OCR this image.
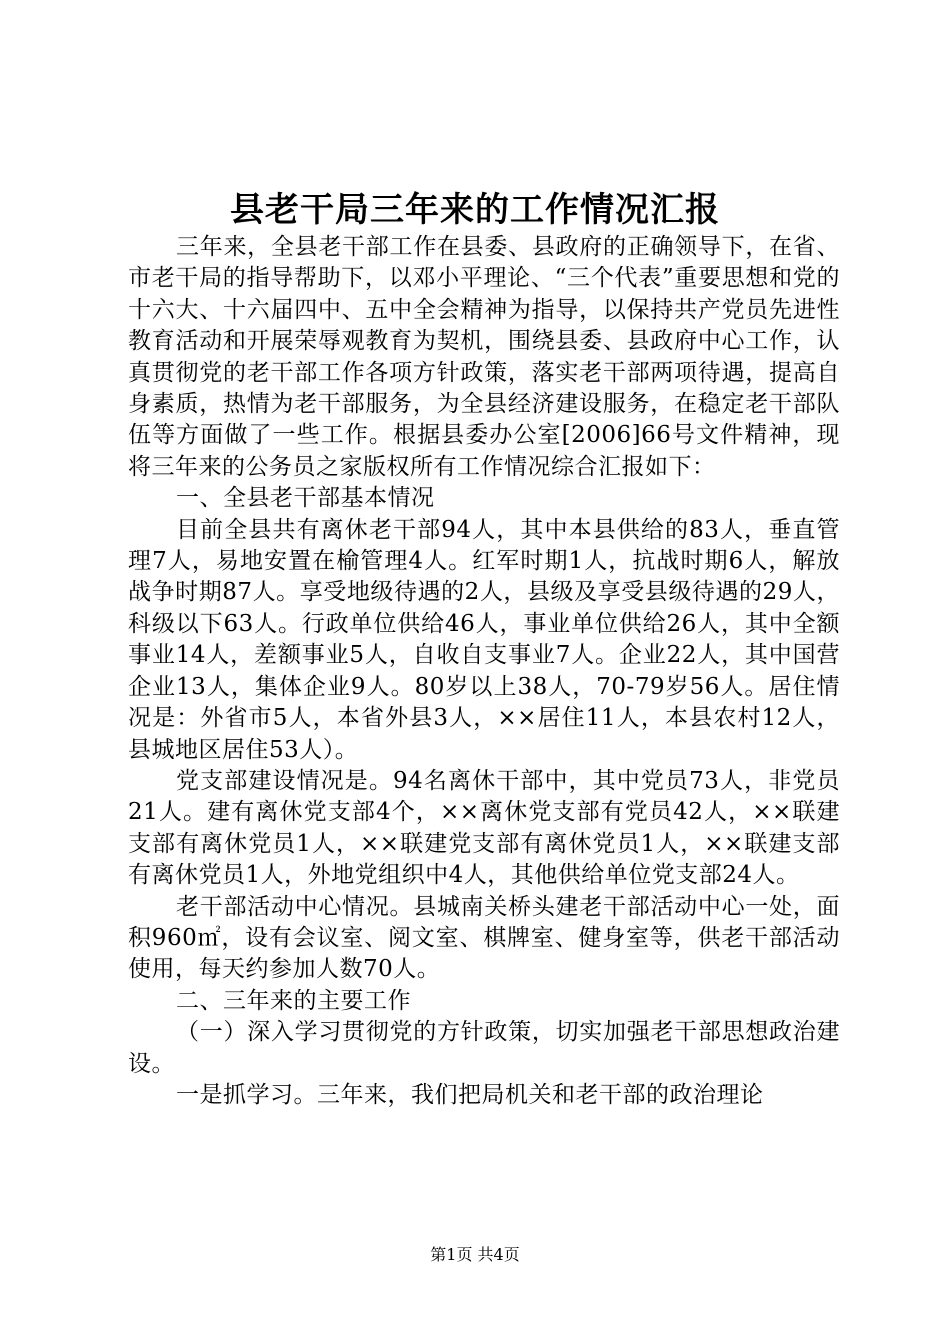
县老干局三年来的工作情况汇报

三年来，全县老干部工作在县委、县政府的正确领导下，在省、市老干局的指导帮助下，以邓小平理论、“三个代表”重要思想和党的十六大、十六届四中、五中全会精神为指导，以保持共产党员先进性教育活动和开展荣辱观教育为契机，围绕县委、县政府中心工作，认真贯彻党的老干部工作各项方针政策，落实老干部两项待遇，提高自身素质，热情为老干部服务，为全县经济建设服务，在稳定老干部队伍等方面做了一些工作。根据县委办公室[2006]66号文件精神，现将三年来的公务员之家版权所有工作情况综合汇报如下：

一、全县老干部基本情况

目前全县共有离休老干部94人，其中本县供给的83人，垂直管理7人，易地安置在榆管理4人。红军时期1人，抗战时期6人，解放战争时期87人。享受地级待遇的2人，县级及享受县级待遇的29人，科级以下63人。行政单位供给46人，事业单位供给26人，其中全额事业14人，差额事业5人，自收自支事业7人。企业22人，其中国营企业13人，集体企业9人。80岁以上38人，70-79岁56人。居住情况是：外省市5人，本省外县3人，××居住11人，本县农村12人，县城地区居住53人）。

党支部建设情况是。94名离休干部中，其中党员73人，非党员21人。建有离休党支部4个，××离休党支部有党员42人，××联建支部有离休党员1人，××联建党支部有离休党员1人，××联建支部有离休党员1人，外地党组织中4人，其他供给单位党支部24人。

老干部活动中心情况。县城南关桥头建老干部活动中心一处，面积960㎡，设有会议室、阅文室、棋牌室、健身室等，供老干部活动使用，每天约参加人数70人。

二、三年来的主要工作

（一）深入学习贯彻党的方针政策，切实加强老干部思想政治建设。

一是抓学习。三年来，我们把局机关和老干部的政治理论

第1页 共4页
